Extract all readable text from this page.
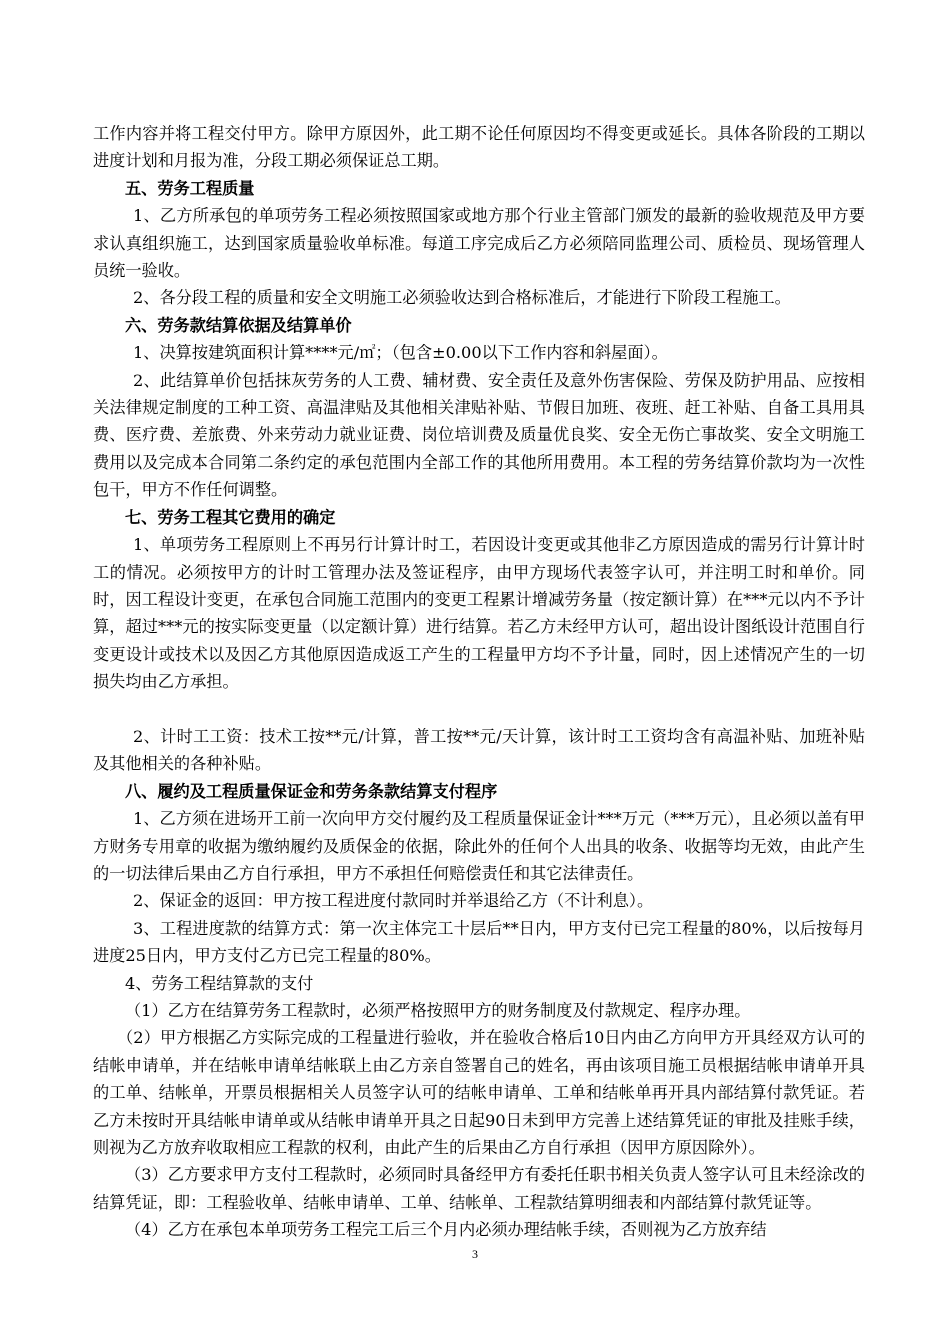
工作内容并将工程交付甲方。除甲方原因外，此工期不论任何原因均不得变更或延长。具体各阶段的工期以进度计划和月报为准，分段工期必须保证总工期。

五、劳务工程质量

1、乙方所承包的单项劳务工程必须按照国家或地方那个行业主管部门颁发的最新的验收规范及甲方要求认真组织施工，达到国家质量验收单标准。每道工序完成后乙方必须陪同监理公司、质检员、现场管理人员统一验收。

2、各分段工程的质量和安全文明施工必须验收达到合格标准后，才能进行下阶段工程施工。

六、劳务款结算依据及结算单价

1、决算按建筑面积计算****元/㎡；（包含±0.00以下工作内容和斜屋面）。

2、此结算单价包括抹灰劳务的人工费、辅材费、安全责任及意外伤害保险、劳保及防护用品、应按相关法律规定制度的工种工资、高温津贴及其他相关津贴补贴、节假日加班、夜班、赶工补贴、自备工具用具费、医疗费、差旅费、外来劳动力就业证费、岗位培训费及质量优良奖、安全无伤亡事故奖、安全文明施工费用以及完成本合同第二条约定的承包范围内全部工作的其他所用费用。本工程的劳务结算价款均为一次性包干，甲方不作任何调整。

七、劳务工程其它费用的确定

1、单项劳务工程原则上不再另行计算计时工，若因设计变更或其他非乙方原因造成的需另行计算计时工的情况。必须按甲方的计时工管理办法及签证程序，由甲方现场代表签字认可，并注明工时和单价。同时，因工程设计变更，在承包合同施工范围内的变更工程累计增减劳务量（按定额计算）在***元以内不予计算，超过***元的按实际变更量（以定额计算）进行结算。若乙方未经甲方认可，超出设计图纸设计范围自行变更设计或技术以及因乙方其他原因造成返工产生的工程量甲方均不予计量，同时，因上述情况产生的一切损失均由乙方承担。

2、计时工工资：技术工按**元/计算，普工按**元/天计算，该计时工工资均含有高温补贴、加班补贴及其他相关的各种补贴。

八、履约及工程质量保证金和劳务条款结算支付程序

1、乙方须在进场开工前一次向甲方交付履约及工程质量保证金计***万元（***万元），且必须以盖有甲方财务专用章的收据为缴纳履约及质保金的依据，除此外的任何个人出具的收条、收据等均无效，由此产生的一切法律后果由乙方自行承担，甲方不承担任何赔偿责任和其它法律责任。

2、保证金的返回：甲方按工程进度付款同时并举退给乙方（不计利息）。

3、工程进度款的结算方式：第一次主体完工十层后**日内，甲方支付已完工程量的80%，以后按每月进度25日内，甲方支付乙方已完工程量的80%。

4、劳务工程结算款的支付

（1）乙方在结算劳务工程款时，必须严格按照甲方的财务制度及付款规定、程序办理。

（2）甲方根据乙方实际完成的工程量进行验收，并在验收合格后10日内由乙方向甲方开具经双方认可的结帐申请单，并在结帐申请单结帐联上由乙方亲自签署自己的姓名，再由该项目施工员根据结帐申请单开具的工单、结帐单，开票员根据相关人员签字认可的结帐申请单、工单和结帐单再开具内部结算付款凭证。若乙方未按时开具结帐申请单或从结帐申请单开具之日起90日未到甲方完善上述结算凭证的审批及挂账手续，则视为乙方放弃收取相应工程款的权利，由此产生的后果由乙方自行承担（因甲方原因除外）。

（3）乙方要求甲方支付工程款时，必须同时具备经甲方有委托任职书相关负责人签字认可且未经涂改的结算凭证，即：工程验收单、结帐申请单、工单、结帐单、工程款结算明细表和内部结算付款凭证等。

（4）乙方在承包本单项劳务工程完工后三个月内必须办理结帐手续，否则视为乙方放弃结

3
